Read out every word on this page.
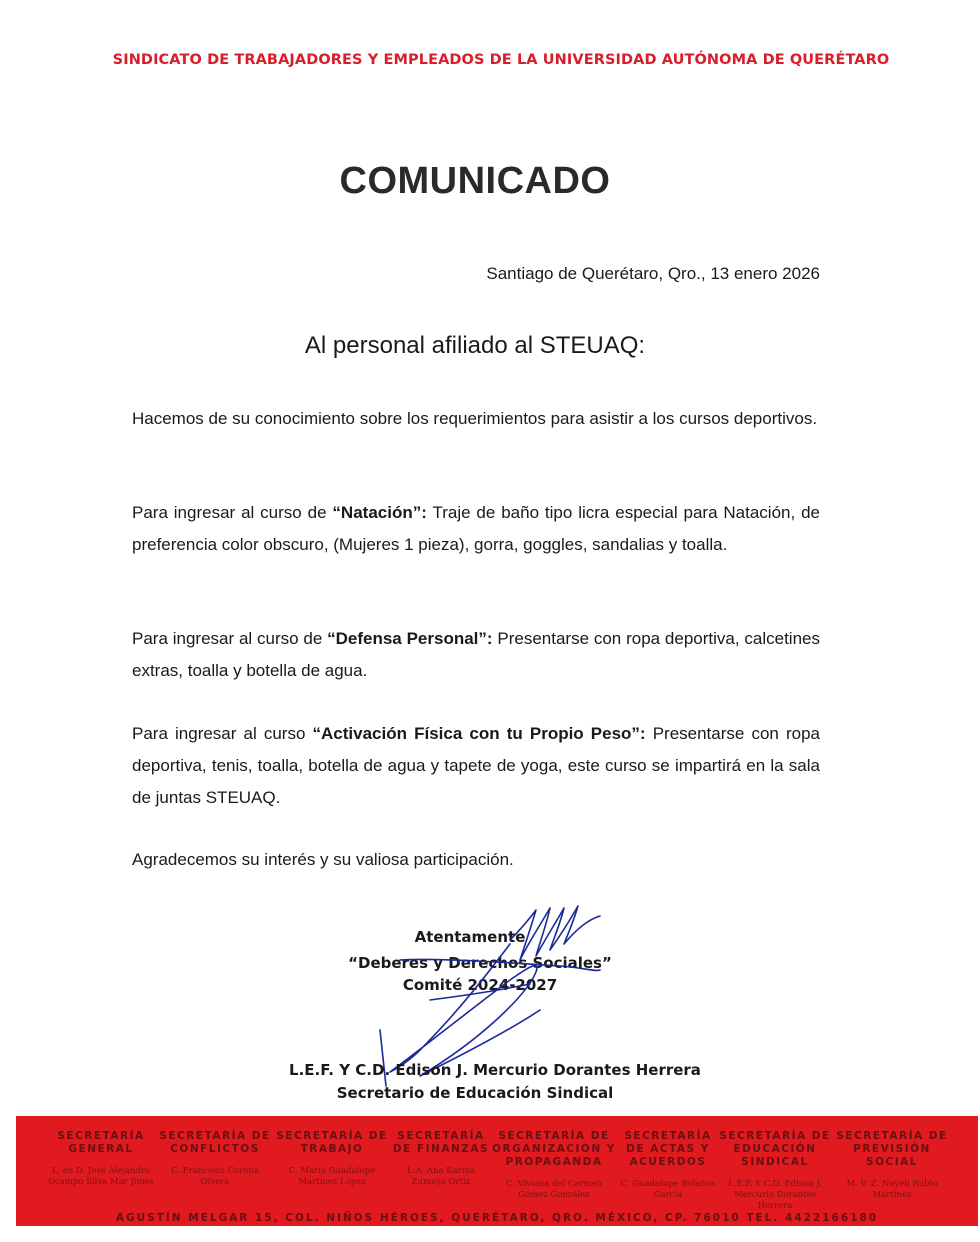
SINDICATO DE TRABAJADORES Y EMPLEADOS DE LA UNIVERSIDAD AUTÓNOMA DE QUERÉTARO
COMUNICADO
Santiago de Querétaro, Qro., 13 enero 2026
Al personal afiliado al STEUAQ:
Hacemos de su conocimiento sobre los requerimientos para asistir a los cursos deportivos.
Para ingresar al curso de “Natación”: Traje de baño tipo licra especial para Natación, de preferencia color obscuro, (Mujeres 1 pieza), gorra, goggles, sandalias y toalla.
Para ingresar al curso de “Defensa Personal”: Presentarse con ropa deportiva, calcetines extras, toalla y botella de agua.
Para ingresar al curso “Activación Física con tu Propio Peso”: Presentarse con ropa deportiva, tenis, toalla, botella de agua y tapete de yoga, este curso se impartirá en la sala de juntas STEUAQ.
Agradecemos su interés y su valiosa participación.
Atentamente
“Deberes y Derechos Sociales”
Comité 2024-2027
L.E.F. Y C.D. Edison J. Mercurio Dorantes Herrera
Secretario de Educación Sindical
SECRETARÍA GENERAL
L. en D. José Alejandro Ocampo Silva Mar Jimes
SECRETARÍA DE CONFLICTOS
C. Francisco Corona Olvera
SECRETARÍA DE TRABAJO
C. María Guadalupe Martínez López
SECRETARÍA DE FINANZAS
L.A. Ana Karina Zumaya Ortiz
SECRETARÍA DE ORGANIZACIÓN Y PROPAGANDA
C. Viviana del Carmen Gómez González
SECRETARÍA DE ACTAS Y ACUERDOS
C. Guadalupe Bolaños García
SECRETARÍA DE EDUCACIÓN SINDICAL
L.E.F. Y C.D. Edison J. Mercurio Dorantes Herrera
SECRETARÍA DE PREVISIÓN SOCIAL
M. V. Z. Nayeli Rubio Martínez
AGUSTÍN MELGAR 15, COL. NIÑOS HÉROES, QUERÉTARO, QRO. MÉXICO, CP. 76010 TEL. 4422166180
